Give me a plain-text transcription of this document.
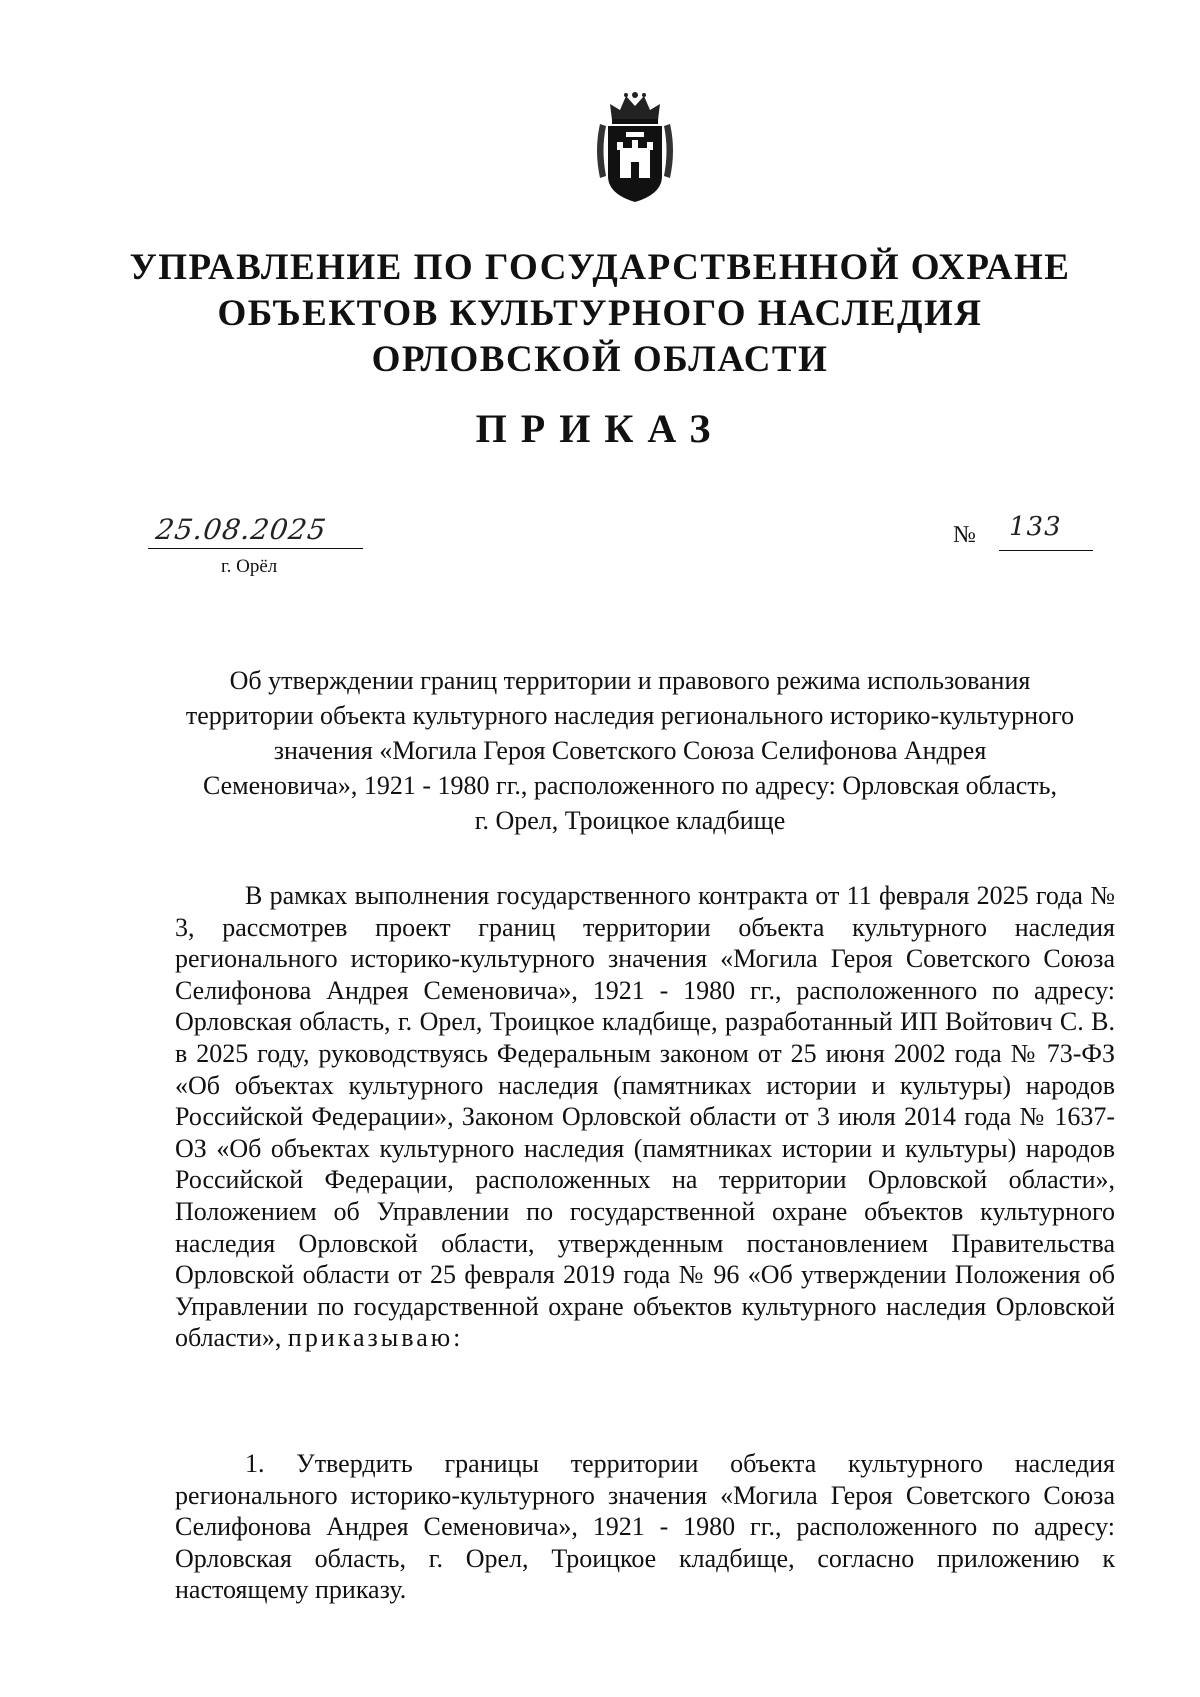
УПРАВЛЕНИЕ ПО ГОСУДАРСТВЕННОЙ ОХРАНЕ
ОБЪЕКТОВ КУЛЬТУРНОГО НАСЛЕДИЯ
ОРЛОВСКОЙ ОБЛАСТИ
ПРИКАЗ
25.08.2025
г. Орёл
№ 133
Об утверждении границ территории и правового режима использования
территории объекта культурного наследия регионального историко-культурного
значения «Могила Героя Советского Союза Селифонова Андрея
Семеновича», 1921 - 1980 гг., расположенного по адресу: Орловская область,
г. Орел, Троицкое кладбище
В рамках выполнения государственного контракта от 11 февраля 2025 года № 3, рассмотрев проект границ территории объекта культурного наследия регионального историко-культурного значения «Могила Героя Советского Союза Селифонова Андрея Семеновича», 1921 - 1980 гг., расположенного по адресу: Орловская область, г. Орел, Троицкое кладбище, разработанный ИП Войтович С. В. в 2025 году, руководствуясь Федеральным законом от 25 июня 2002 года № 73-ФЗ «Об объектах культурного наследия (памятниках истории и культуры) народов Российской Федерации», Законом Орловской области от 3 июля 2014 года № 1637-ОЗ «Об объектах культурного наследия (памятниках истории и культуры) народов Российской Федерации, расположенных на территории Орловской области», Положением об Управлении по государственной охране объектов культурного наследия Орловской области, утвержденным постановлением Правительства Орловской области от 25 февраля 2019 года № 96 «Об утверждении Положения об Управлении по государственной охране объектов культурного наследия Орловской области», приказываю:
1. Утвердить границы территории объекта культурного наследия регионального историко-культурного значения «Могила Героя Советского Союза Селифонова Андрея Семеновича», 1921 - 1980 гг., расположенного по адресу: Орловская область, г. Орел, Троицкое кладбище, согласно приложению к настоящему приказу.
